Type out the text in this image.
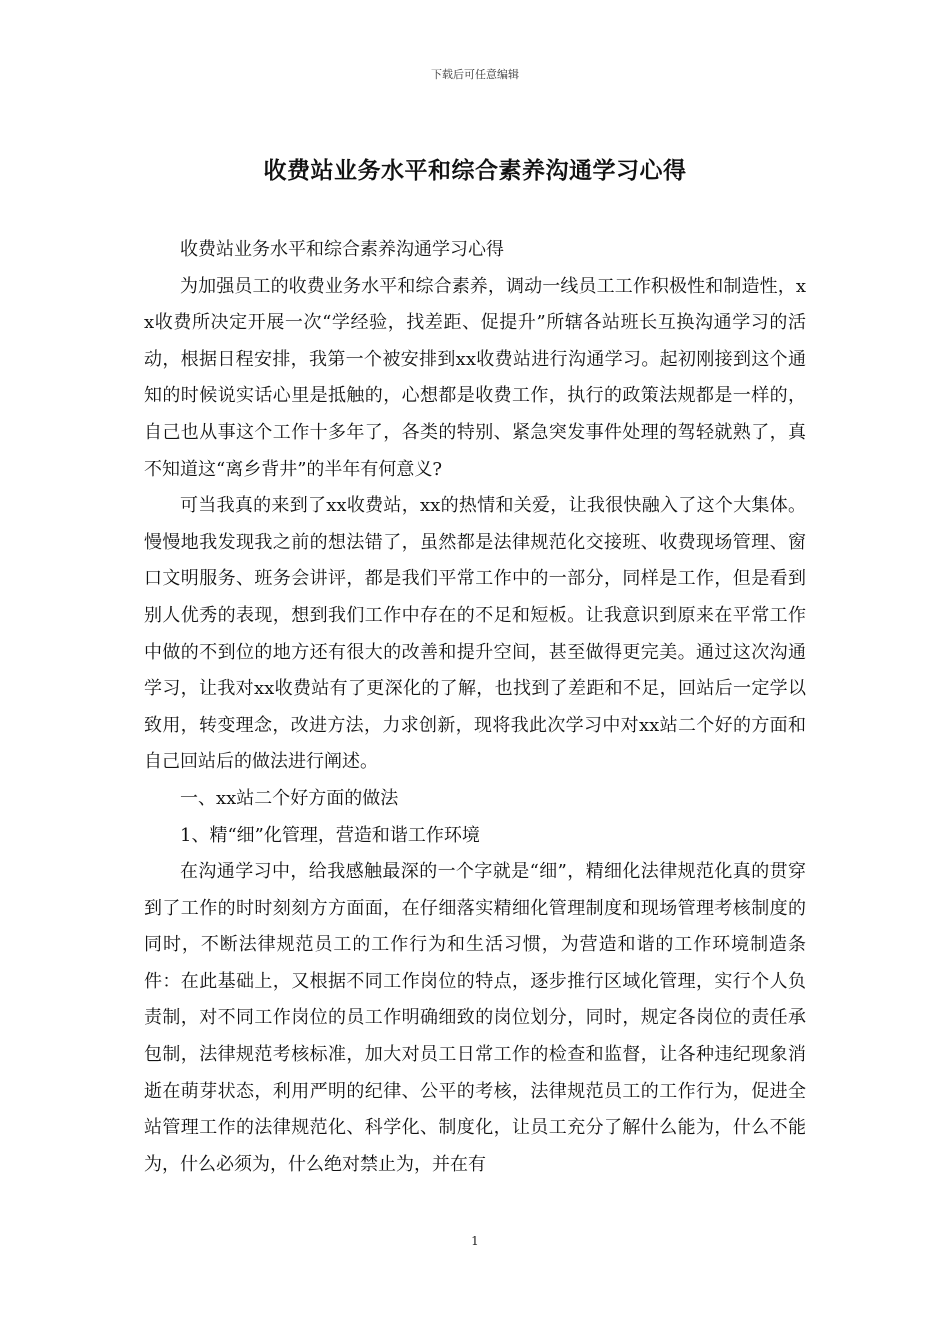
下载后可任意编辑
收费站业务水平和综合素养沟通学习心得

收费站业务水平和综合素养沟通学习心得

为加强员工的收费业务水平和综合素养，调动一线员工工作积极性和制造性，xx收费所决定开展一次“学经验，找差距、促提升”所辖各站班长互换沟通学习的活动，根据日程安排，我第一个被安排到xx收费站进行沟通学习。起初刚接到这个通知的时候说实话心里是抵触的，心想都是收费工作，执行的政策法规都是一样的，自己也从事这个工作十多年了，各类的特别、紧急突发事件处理的驾轻就熟了，真不知道这“离乡背井”的半年有何意义?

可当我真的来到了xx收费站，xx的热情和关爱，让我很快融入了这个大集体。慢慢地我发现我之前的想法错了，虽然都是法律规范化交接班、收费现场管理、窗口文明服务、班务会讲评，都是我们平常工作中的一部分，同样是工作，但是看到别人优秀的表现，想到我们工作中存在的不足和短板。让我意识到原来在平常工作中做的不到位的地方还有很大的改善和提升空间，甚至做得更完美。通过这次沟通学习，让我对xx收费站有了更深化的了解，也找到了差距和不足，回站后一定学以致用，转变理念，改进方法，力求创新，现将我此次学习中对xx站二个好的方面和自己回站后的做法进行阐述。

一、xx站二个好方面的做法

1、精“细”化管理，营造和谐工作环境

在沟通学习中，给我感触最深的一个字就是“细”，精细化法律规范化真的贯穿到了工作的时时刻刻方方面面，在仔细落实精细化管理制度和现场管理考核制度的同时，不断法律规范员工的工作行为和生活习惯，为营造和谐的工作环境制造条件：在此基础上，又根据不同工作岗位的特点，逐步推行区域化管理，实行个人负责制，对不同工作岗位的员工作明确细致的岗位划分，同时，规定各岗位的责任承包制，法律规范考核标准，加大对员工日常工作的检查和监督，让各种违纪现象消逝在萌芽状态，利用严明的纪律、公平的考核，法律规范员工的工作行为，促进全站管理工作的法律规范化、科学化、制度化，让员工充分了解什么能为，什么不能为，什么必须为，什么绝对禁止为，并在有

1
